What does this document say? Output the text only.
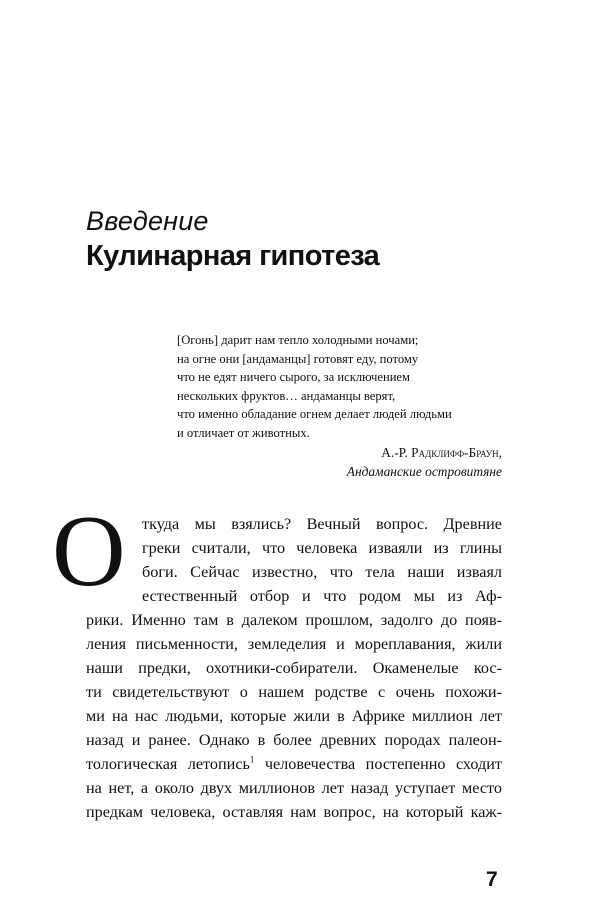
Введение
Кулинарная гипотеза
[Огонь] дарит нам тепло холодными ночами;
на огне они [андаманцы] готовят еду, потому
что не едят ничего сырого, за исключением
нескольких фруктов… андаманцы верят,
что именно обладание огнем делает людей людьми
и отличает от животных.
А.-Р. Радклифф-Браун,
Андаманские островитяне
О	ткуда мы взялись? Вечный вопрос. Древние
греки считали, что человека изваяли из глины
боги. Сейчас известно, что тела наши изваял
естественный отбор и что родом мы из Аф-
рики. Именно там в далеком прошлом, задолго до появ-
ления письменности, земледелия и мореплавания, жили
наши предки, охотники-собиратели. Окаменелые кос-
ти свидетельствуют о нашем родстве с очень похожи-
ми на нас людьми, которые жили в Африке миллион лет
назад и ранее. Однако в более древних породах палеон-
тологическая летопись$^1$ человечества постепенно сходит
на нет, а около двух миллионов лет назад уступает место
предкам человека, оставляя нам вопрос, на который каж-
7
